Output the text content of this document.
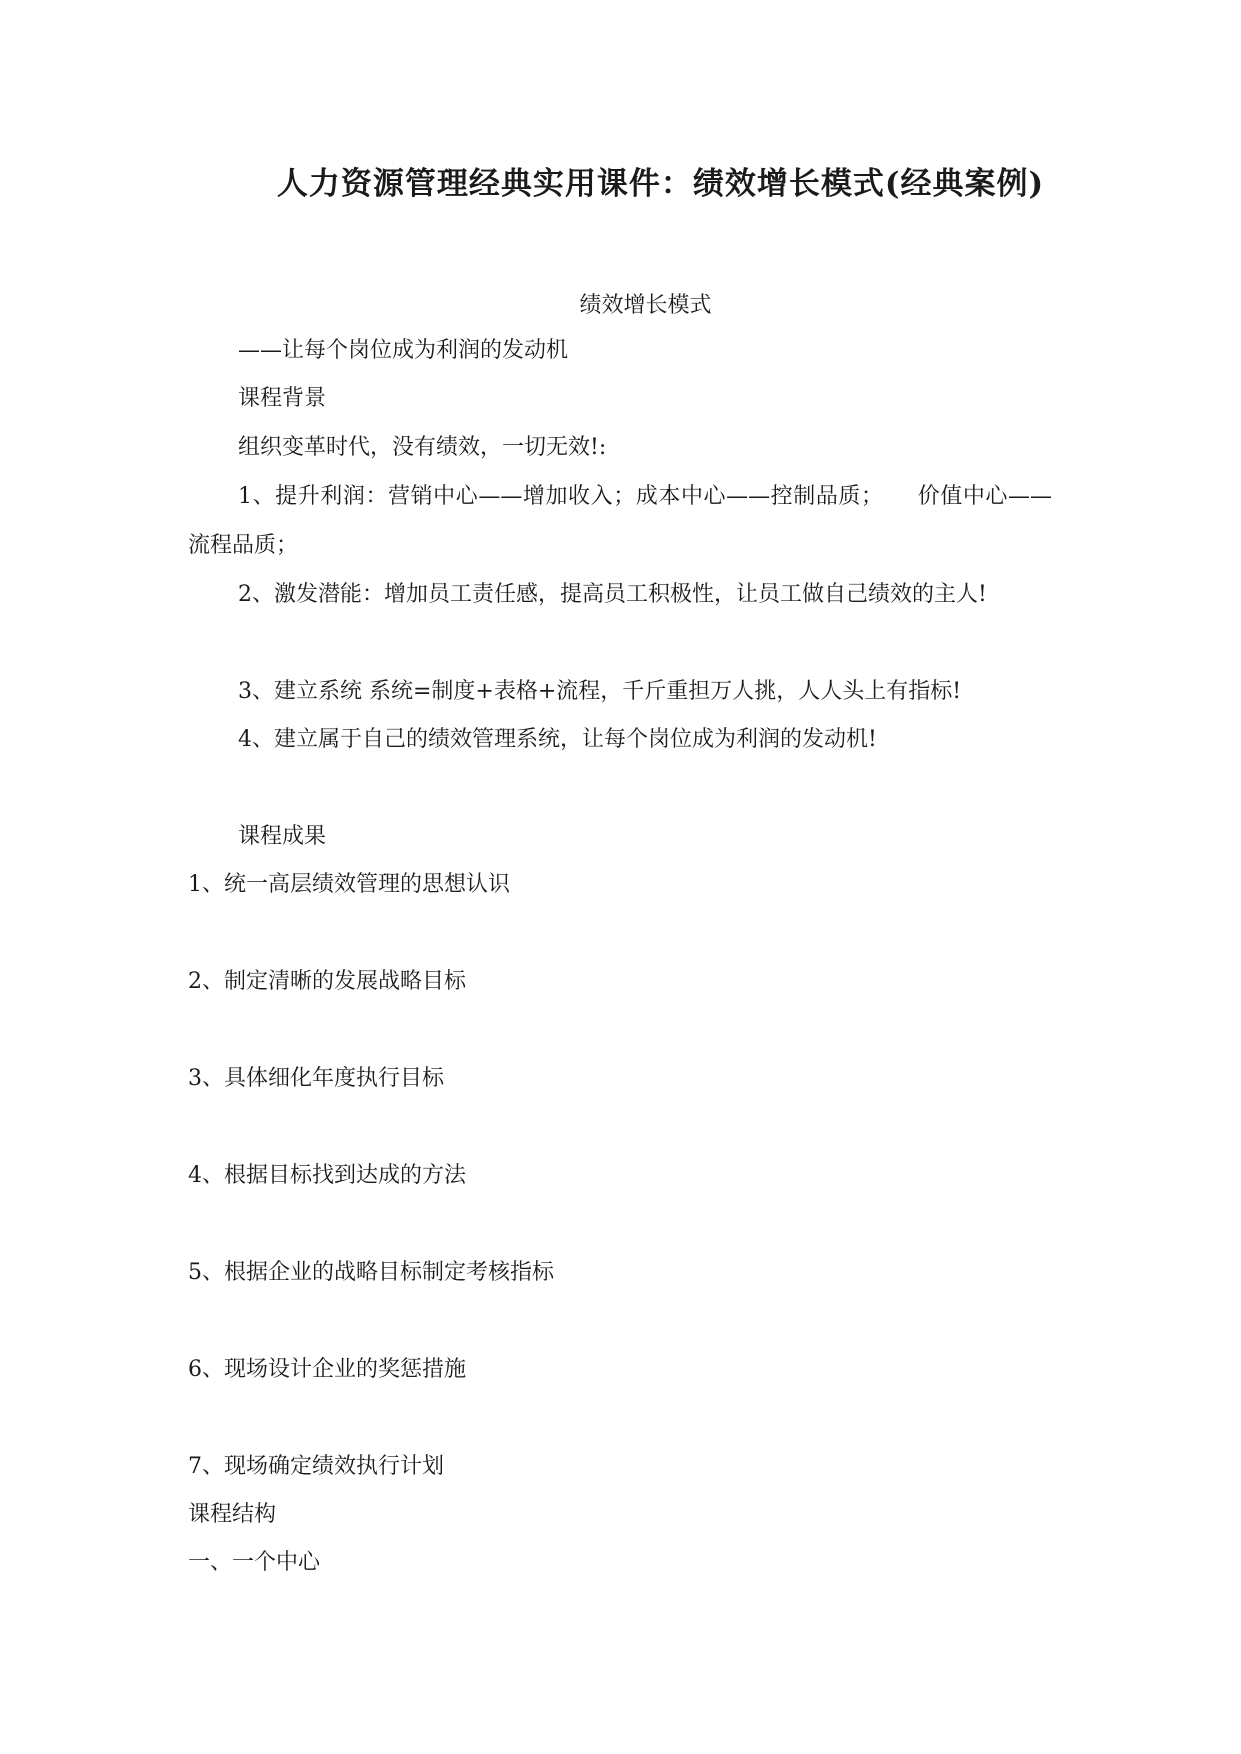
人力资源管理经典实用课件：绩效增长模式(经典案例)
绩效增长模式
——让每个岗位成为利润的发动机
课程背景
组织变革时代，没有绩效，一切无效!:
1、提升利润：营销中心——增加收入；成本中心——控制品质；　　价值中心——流程品质；
2、激发潜能：增加员工责任感，提高员工积极性，让员工做自己绩效的主人!
3、建立系统 系统=制度+表格+流程，千斤重担万人挑，人人头上有指标!
4、建立属于自己的绩效管理系统，让每个岗位成为利润的发动机!
课程成果
1、统一高层绩效管理的思想认识
2、制定清晰的发展战略目标
3、具体细化年度执行目标
4、根据目标找到达成的方法
5、根据企业的战略目标制定考核指标
6、现场设计企业的奖惩措施
7、现场确定绩效执行计划
课程结构
一、一个中心
